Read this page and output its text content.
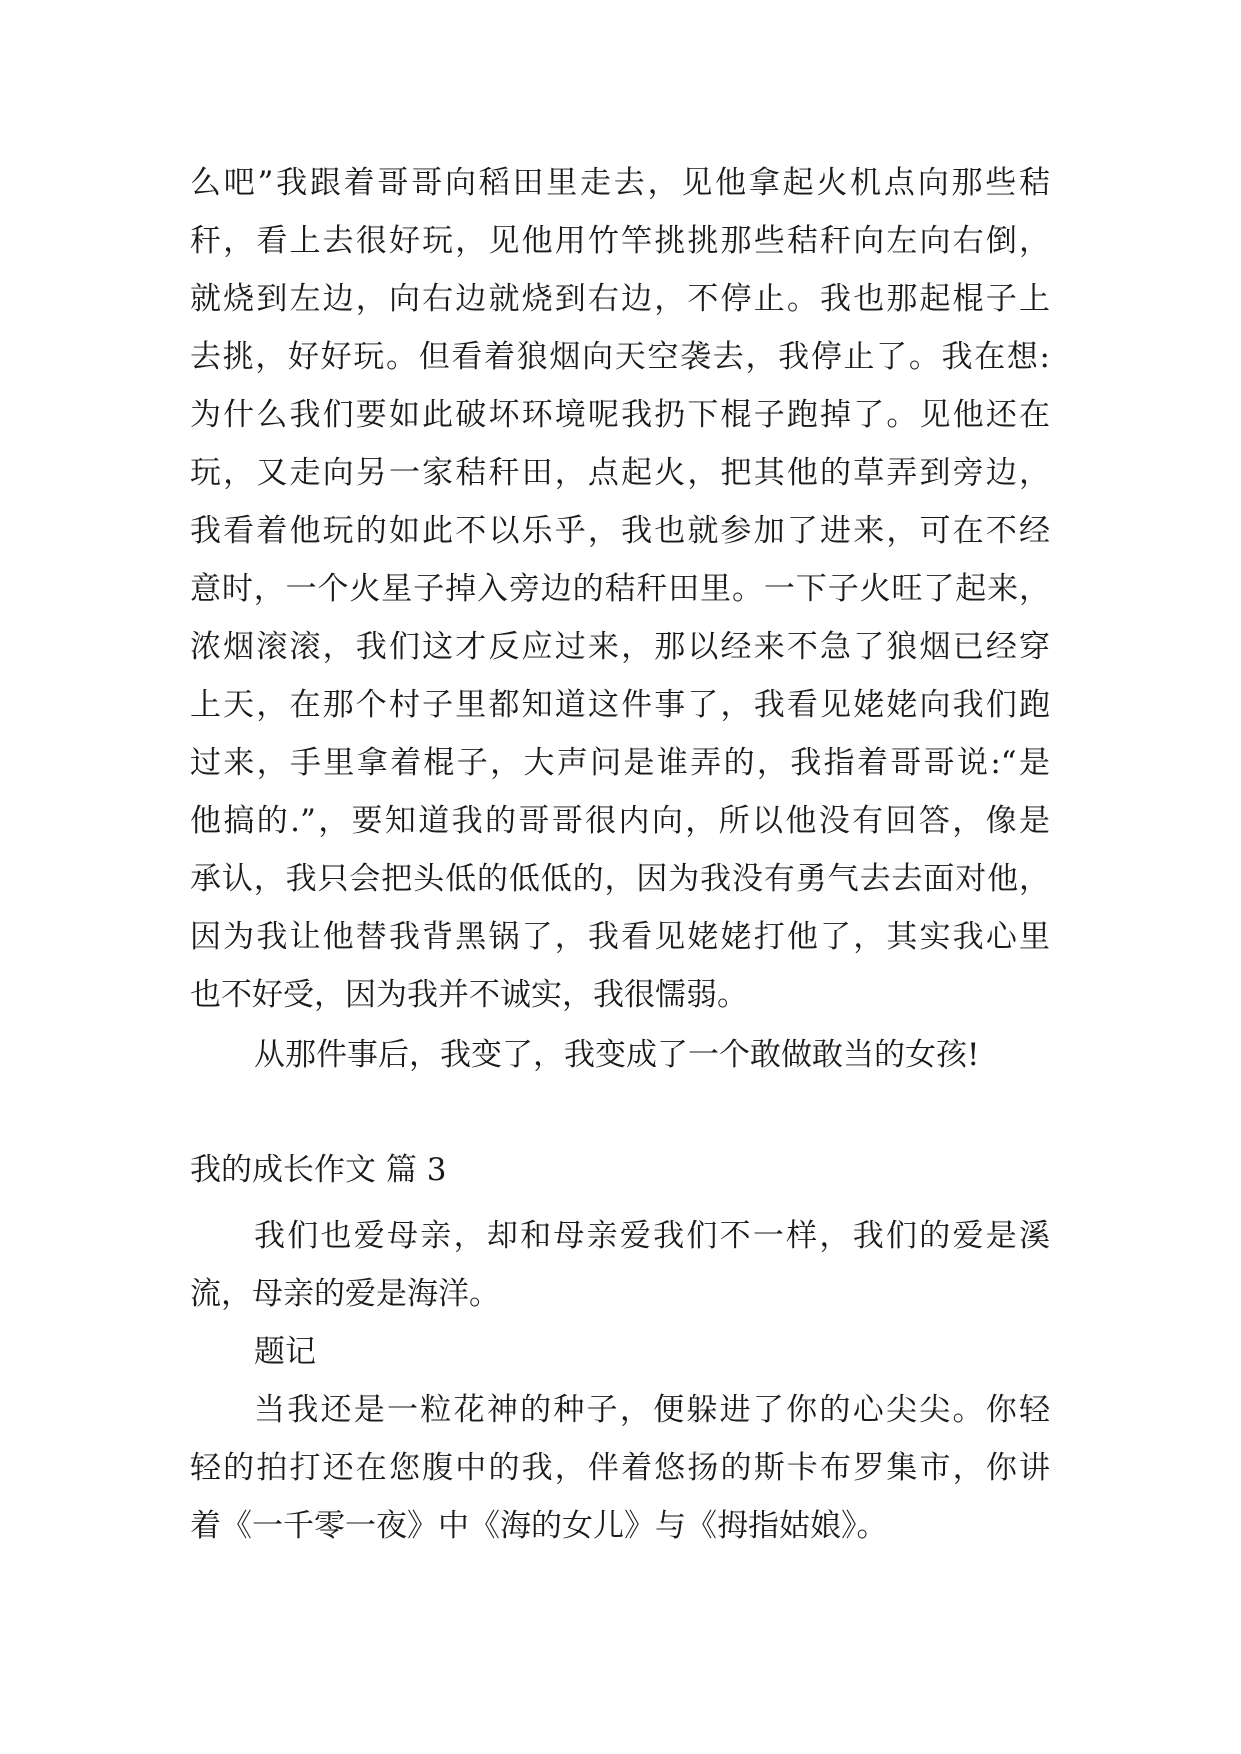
么吧”我跟着哥哥向稻田里走去，见他拿起火机点向那些秸
秆，看上去很好玩，见他用竹竿挑挑那些秸秆向左向右倒，
就烧到左边，向右边就烧到右边，不停止。我也那起棍子上
去挑，好好玩。但看着狼烟向天空袭去，我停止了。我在想:
为什么我们要如此破坏环境呢我扔下棍子跑掉了。见他还在
玩，又走向另一家秸秆田，点起火，把其他的草弄到旁边，
我看着他玩的如此不以乐乎，我也就参加了进来，可在不经
意时，一个火星子掉入旁边的秸秆田里。一下子火旺了起来，
浓烟滚滚，我们这才反应过来，那以经来不急了狼烟已经穿
上天，在那个村子里都知道这件事了，我看见姥姥向我们跑
过来，手里拿着棍子，大声问是谁弄的，我指着哥哥说:“是
他搞的.”，要知道我的哥哥很内向，所以他没有回答，像是
承认，我只会把头低的低低的，因为我没有勇气去去面对他，
因为我让他替我背黑锅了，我看见姥姥打他了，其实我心里
也不好受，因为我并不诚实，我很懦弱。
从那件事后，我变了，我变成了一个敢做敢当的女孩!
我的成长作文 篇 3
我们也爱母亲，却和母亲爱我们不一样，我们的爱是溪
流，母亲的爱是海洋。
题记
当我还是一粒花神的种子，便躲进了你的心尖尖。你轻
轻的拍打还在您腹中的我，伴着悠扬的斯卡布罗集市，你讲
着《一千零一夜》中《海的女儿》与《拇指姑娘》。
